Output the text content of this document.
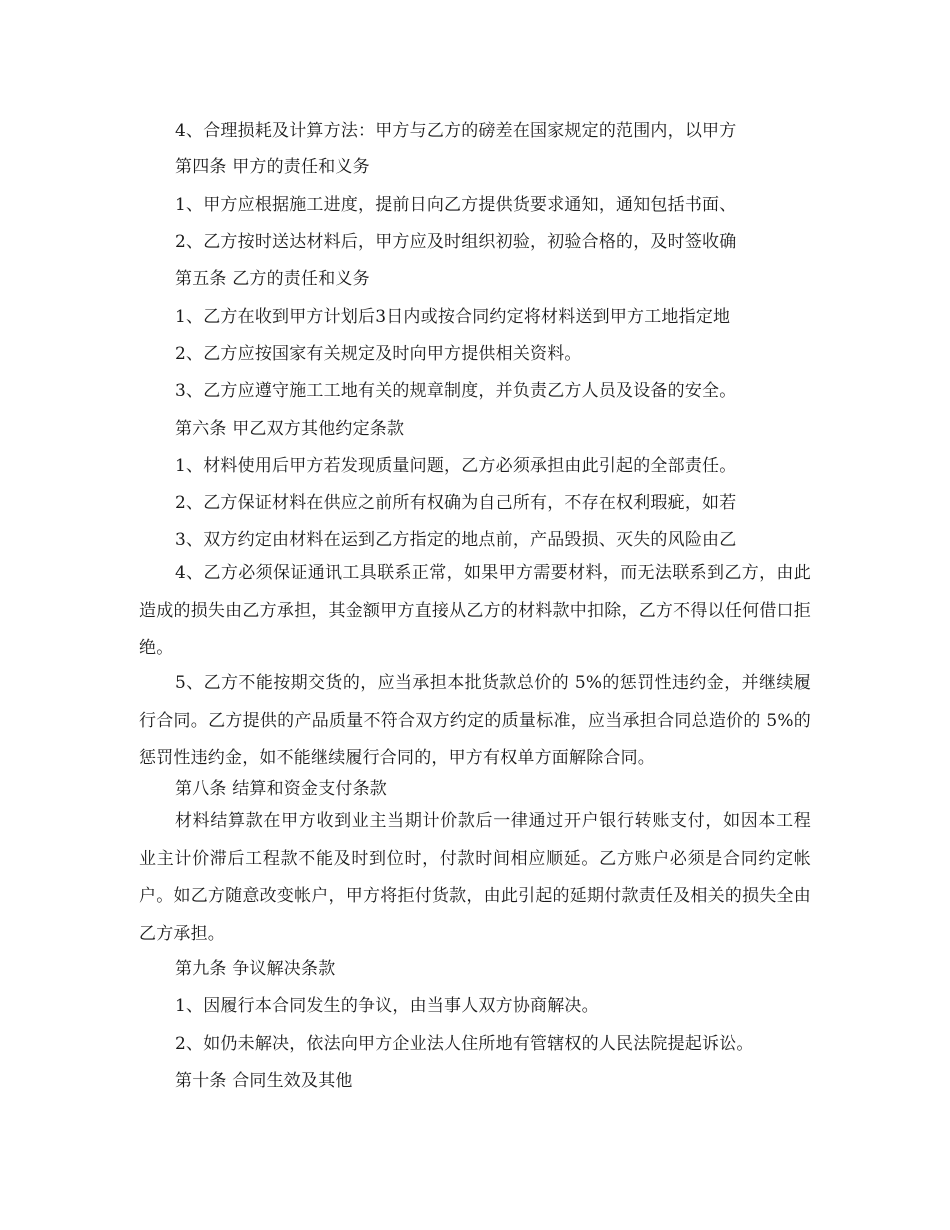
4、合理损耗及计算方法：甲方与乙方的磅差在国家规定的范围内，以甲方
第四条 甲方的责任和义务
1、甲方应根据施工进度，提前日向乙方提供货要求通知，通知包括书面、
2、乙方按时送达材料后，甲方应及时组织初验，初验合格的，及时签收确
第五条 乙方的责任和义务
1、乙方在收到甲方计划后3日内或按合同约定将材料送到甲方工地指定地
2、乙方应按国家有关规定及时向甲方提供相关资料。
3、乙方应遵守施工工地有关的规章制度，并负责乙方人员及设备的安全。
第六条 甲乙双方其他约定条款
1、材料使用后甲方若发现质量问题，乙方必须承担由此引起的全部责任。
2、乙方保证材料在供应之前所有权确为自己所有，不存在权利瑕疵，如若
3、双方约定由材料在运到乙方指定的地点前，产品毁损、灭失的风险由乙
4、乙方必须保证通讯工具联系正常，如果甲方需要材料，而无法联系到乙方，由此造成的损失由乙方承担，其金额甲方直接从乙方的材料款中扣除，乙方不得以任何借口拒绝。
5、乙方不能按期交货的，应当承担本批货款总价的 5%的惩罚性违约金，并继续履行合同。乙方提供的产品质量不符合双方约定的质量标准，应当承担合同总造价的 5%的惩罚性违约金，如不能继续履行合同的，甲方有权单方面解除合同。
第八条 结算和资金支付条款
材料结算款在甲方收到业主当期计价款后一律通过开户银行转账支付，如因本工程业主计价滞后工程款不能及时到位时，付款时间相应顺延。乙方账户必须是合同约定帐户。如乙方随意改变帐户，甲方将拒付货款，由此引起的延期付款责任及相关的损失全由乙方承担。
第九条 争议解决条款
1、因履行本合同发生的争议，由当事人双方协商解决。
2、如仍未解决，依法向甲方企业法人住所地有管辖权的人民法院提起诉讼。
第十条 合同生效及其他
